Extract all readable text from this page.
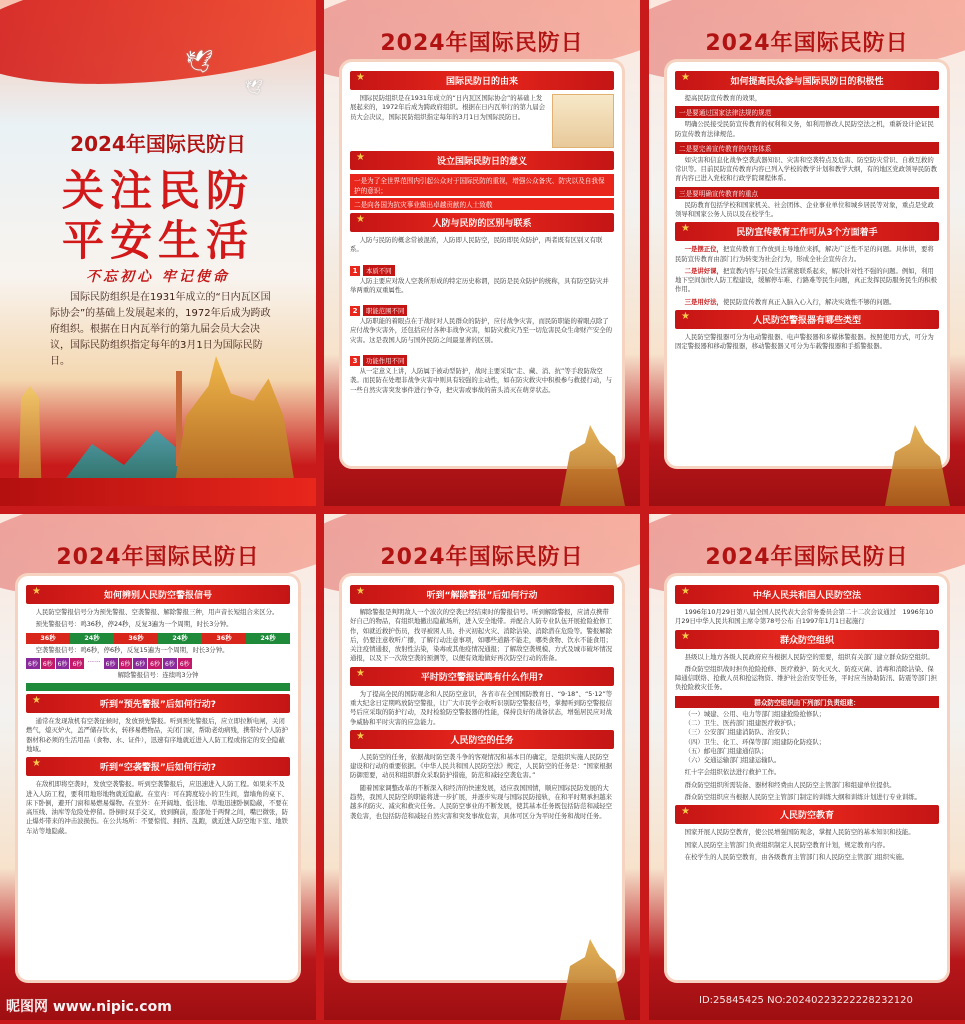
🕊
🕊
2024年国际民防日
关注民防
平安生活
不忘初心 牢记使命
国际民防组织是在1931年成立的“日内瓦区国际协会”的基础上发展起来的，1972年后成为跨政府组织。根据在日内瓦举行的第九届会员大会决议，国际民防组织指定每年的3月1日为国际民防日。
2024年国际民防日
★ 国际民防日的由来

国际民防组织是在1931年成立的“日内瓦区国际协会”的基础上发展起来的，1972年后成为跨政府组织。根据在日内瓦举行的第九届会员大会决议，国际民防组织指定每年的3月1日为国际民防日。

★ 设立国际民防日的意义
一是为了全世界范围内引起公众对于国际民防的重视，增强公众备灾、防灾以及自我保护的意识；
二是向各国为抗灾事业做出卓越贡献的人士致敬
★ 人防与民防的区别与联系

人防与民防的概念常被混淆，人防即人民防空，民防即民众防护，两者既有区别又有联系。

1 本质不同

人防主要应对敌人空袭所形成的特定历史称谓，民防是民众防护的统称，具有防空防灾并举两重的双重属性。

2 职能范围不同

人防职能的着眼点在于战时对人民群众的防护，应付战争灾害，而民防职能的着眼点除了应付战争灾害外，还包括应付各种非战争灾害，如防灾救灾乃至一切危害民众生命财产安全的灾害。这是我国人防与国外民防之间最显著的区别。

3 功能作用不同

从一定意义上讲，人防属于被动型防护，战时主要采取“走、藏、消、抗”等手段防敌空袭。而民防在处理非战争灾害中则具有较强的主动性，如在防灾救灾中积极参与救援行动，与一些自然灾害突发事件进行争夺，把灾害或事故的苗头消灭在萌芽状态。

2024年国际民防日
★ 如何提高民众参与国际民防日的积极性

提高民防宣传教育的效果，

一是要通过国家法律法规的规范

明确公民接受民防宣传教育的权利和义务，如利用修改人民防空法之机，重新设计论证民防宣传教育法律规范。

二是要完善宣传教育的内容体系

如灾害和信息化战争空袭武器知识、灾害和空袭特点及危害、防空防灾常识、自救互救的常识等。目前民防宣传教育内容已列入学校的教学计划和教学大纲，有的地区党政领导民防教育内容已进入党校和行政学院课程体系。

三是要明确宣传教育的重点

民防教育包括学校和国家机关、社会团体、企业事业单位和城乡居民等对象，重点是党政领导和国家公务人员以及在校学生。

★ 民防宣传教育工作可从3个方面着手

一是摆正位，把宣传教育工作放到主导地位来抓，解决广泛性不足的问题。具体讲，要将民防宣传教育由部门行为转变为社会行为，形成全社会宣传合力。

二是讲好课，把宣教内容与民众生活紧密联系起来，解决针对性不强的问题。例如，利用地下空间加快人防工程建设，缓解停车难、行路难等民生问题，真正发挥民防服务民生的积极作用。

三是用好法，使民防宣传教育真正入脑入心入行，解决实效性不够的问题。

★ 人民防空警报器有哪些类型

人民防空警报器可分为电动警报器、电声警报器和多媒体警报器。按照使用方式，可分为固定警报器和移动警报器，移动警报器又可分为车载警报器和手摇警报器。

2024年国际民防日
★ 如何辨别人民防空警报信号

人民防空警报信号分为预先警报、空袭警报、解除警报三种，用声音长短组合来区分。

预先警报信号：鸣36秒，停24秒，反复3遍为一个周期，时长3分钟。

36秒	24秒	36秒	24秒	36秒	24秒

空袭警报信号：鸣6秒，停6秒，反复15遍为一个周期，时长3分钟。

6秒 6秒 6秒 6秒 ······· 6秒 6秒 6秒 6秒 6秒 6秒

解除警报信号：连续鸣3分钟

★ 听到“预先警报”后如何行动?

通常在发现敌机有空袭征候时，发放预先警报。听到预先警报后，应立即拉断电闸，关闭燃气，熄灭炉火，盖严储存饮水，转移易燃物品，关闭门窗，帮助老幼病残，携带好个人防护器材和必须的生活用品（食物、水、证件），迅速有序地就近进入人防工程或指定的安全隐蔽地域。

★ 听到“空袭警报”后如何行动?

在敌机即将空袭时，发放空袭警报。听到空袭警报后，应迅速进入人防工程。如果来不及进入人防工程，要利用地形地物就近隐蔽。在室内：可在跨度较小的卫生间，靠墙角的桌下、床下卧倒，避开门窗和易燃易爆物。在室外：在开阔地、低洼地、草地迅速卧倒隐蔽，不要在高压线、油库等危险处停留。卧倒时双手交叉，放到胸前，脸部处于两臂之间，嘴巴微张，防止爆炸带来的冲击波损伤。在公共场所：不要惊慌、拥挤、乱跑，就近进入防空地下室、地铁车站等地隐蔽。

昵图网 www.nipic.com
2024年国际民防日
★ 听到“解除警报”后如何行动

解除警报是判明敌人一个波次的空袭已经结束时的警报信号。听到解除警报，应清点携带好自己的物品，有组织地撤出隐蔽场所，进入安全地带。并配合人防专业队伍开展抢险抢修工作，如就近救护伤员，找寻被困人员、扑灭初起火灾、消除沾染、消除潜在危险等。警报解除后，仍要注意收听广播，了解行动注意事项，如哪些道路不能走，哪类食物、饮水不能食用；关注疫情通报，放射性沾染，染毒或其他疫情况通报；了解敌空袭规模、方式及城市破坏情况通报，以及下一次敌空袭的预测等，以便有效地做好再次防空行动的准备。

★ 平时防空警报试鸣有什么作用?

为了提高全民的国防观念和人民防空意识，各省市在全国国防教育日、“9·18”、“5·12”等重大纪念日定期鸣放防空警报，让广大市民学会收听识别防空警报信号，掌握听到防空警报信号后应采取的防护行动，及时检验防空警报器的性能，保持良好的战备状态，增强居民应对战争威胁和平时灾害的应急能力。

★ 人民防空的任务

人民防空的任务，依据战时防空袭斗争的客观情况和基本目的确定，是组织实施人民防空建设和行动的重要依据。《中华人民共和国人民防空法》规定，人民防空的任务是：“国家根据防御需要，动员和组织群众采取防护措施，防范和减轻空袭危害。”

随着国家调整改革的不断深入和经济的快速发展，适应我国国情，顺应国际民防发展的大趋势，我国人民防空的职能将进一步扩展，并逐步实现与国际民防接轨，在和平时期承担越来越多的防灾、减灾和救灾任务。人民防空事业的不断发展，使其基本任务既包括防范和减轻空袭危害，也包括防范和减轻自然灾害和突发事故危害，具体可区分为平时任务和战时任务。

2024年国际民防日
★ 中华人民共和国人民防空法

1996年10月29日第八届全国人民代表大会常务委员会第二十二次会议通过　1996年10月29日中华人民共和国主席令第78号公布 自1997年1月1日起施行

★ 群众防空组织

县级以上地方各级人民政府应当根据人民防空的需要，组织有关部门建立群众防空组织。

群众防空组织战时担负抢险抢修、医疗救护、防火灭火、防疫灭菌、消毒和消除沾染、保障通信联络、抢救人员和抢运物资、维护社会治安等任务，平时应当协助防汛、防震等部门担负抢险救灾任务。

群众防空组织由下列部门负责组建：

（一）城建、公用、电力等部门组建抢险抢修队；

（二）卫生、医药部门组建医疗救护队；

（三）公安部门组建消防队、治安队；

（四）卫生、化工、环保等部门组建防化防疫队；

（五）邮电部门组建通信队；

（六）交通运输部门组建运输队。

红十字会组织依法进行救护工作。

群众防空组织所需装备、器材和经费由人民防空主管部门和组建单位提供。

群众防空组织应当根据人民防空主管部门制定的训练大纲和训练计划进行专业训练。

★ 人民防空教育

国家开展人民防空教育，使公民增强国防观念，掌握人民防空的基本知识和技能。

国家人民防空主管部门负责组织制定人民防空教育计划，规定教育内容。

在校学生的人民防空教育，由各级教育主管部门和人民防空主管部门组织实施。

ID:25845425 NO:20240223222228232120
